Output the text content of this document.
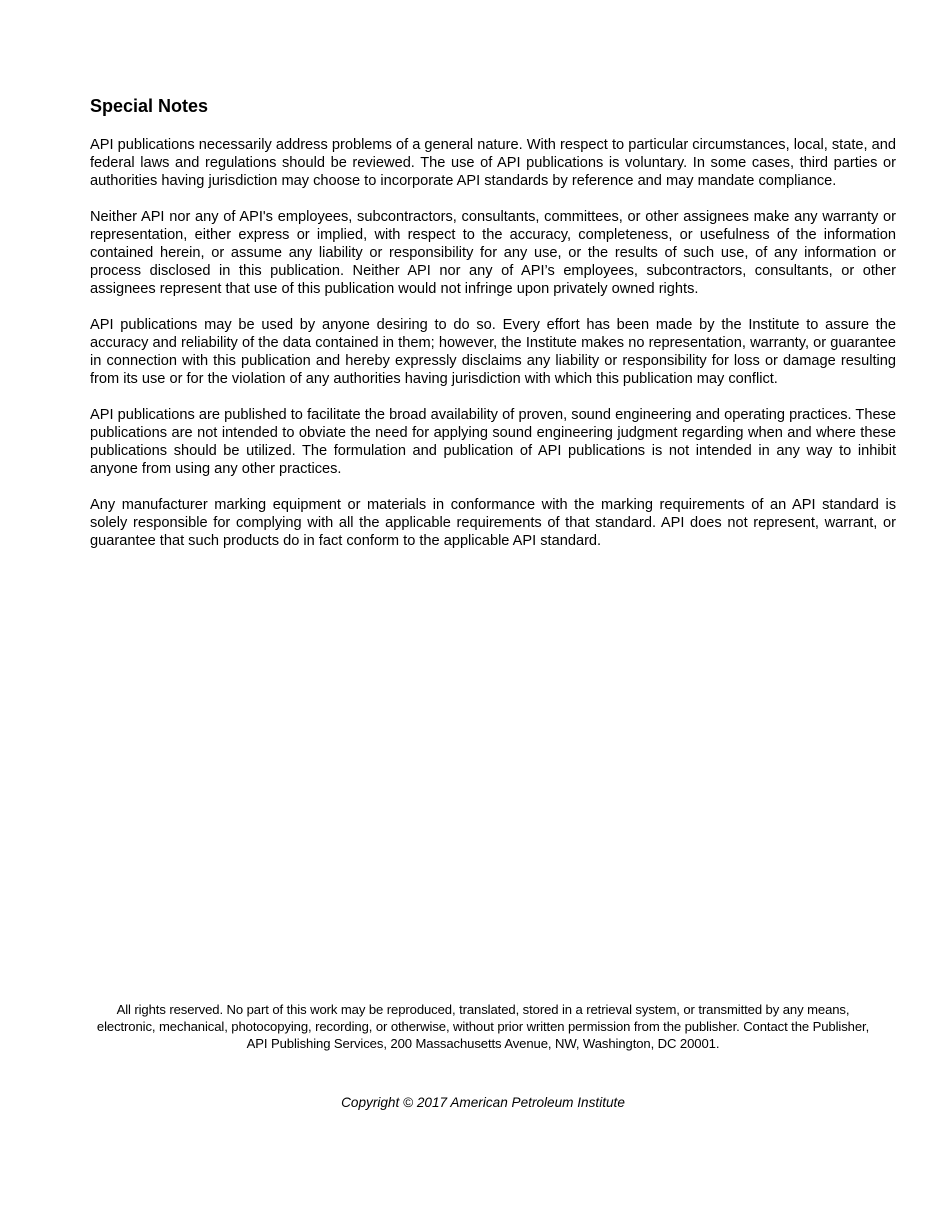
Special Notes

API publications necessarily address problems of a general nature. With respect to particular circumstances, local, state, and federal laws and regulations should be reviewed. The use of API publications is voluntary. In some cases, third parties or authorities having jurisdiction may choose to incorporate API standards by reference and may mandate compliance.

Neither API nor any of API's employees, subcontractors, consultants, committees, or other assignees make any warranty or representation, either express or implied, with respect to the accuracy, completeness, or usefulness of the information contained herein, or assume any liability or responsibility for any use, or the results of such use, of any information or process disclosed in this publication. Neither API nor any of API’s employees, subcontractors, consultants, or other assignees represent that use of this publication would not infringe upon privately owned rights.

API publications may be used by anyone desiring to do so. Every effort has been made by the Institute to assure the accuracy and reliability of the data contained in them; however, the Institute makes no representation, warranty, or guarantee in connection with this publication and hereby expressly disclaims any liability or responsibility for loss or damage resulting from its use or for the violation of any authorities having jurisdiction with which this publication may conflict.

API publications are published to facilitate the broad availability of proven, sound engineering and operating practices. These publications are not intended to obviate the need for applying sound engineering judgment regarding when and where these publications should be utilized. The formulation and publication of API publications is not intended in any way to inhibit anyone from using any other practices.

Any manufacturer marking equipment or materials in conformance with the marking requirements of an API standard is solely responsible for complying with all the applicable requirements of that standard. API does not represent, warrant, or guarantee that such products do in fact conform to the applicable API standard.

All rights reserved. No part of this work may be reproduced, translated, stored in a retrieval system, or transmitted by any means, electronic, mechanical, photocopying, recording, or otherwise, without prior written permission from the publisher. Contact the Publisher, API Publishing Services, 200 Massachusetts Avenue, NW, Washington, DC 20001.

Copyright © 2017 American Petroleum Institute
